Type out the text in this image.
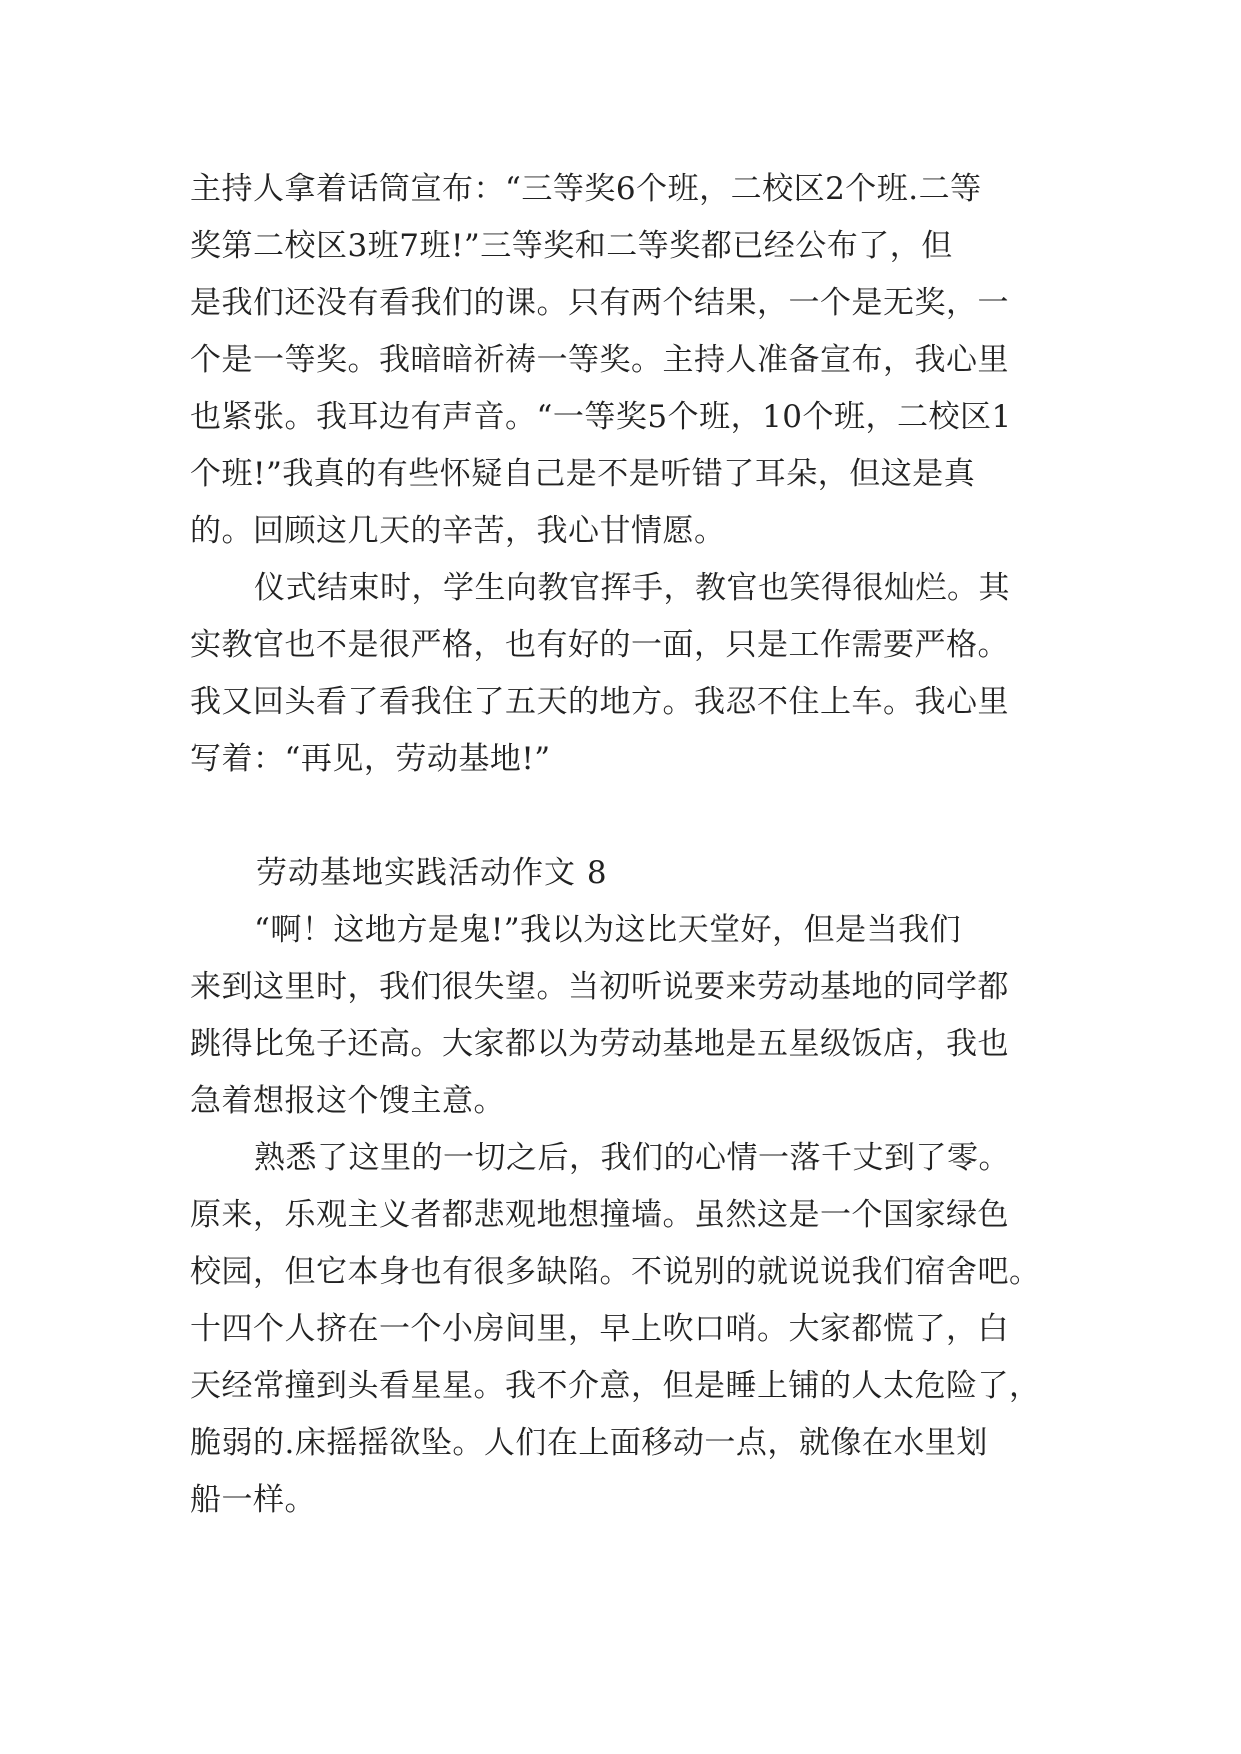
主持人拿着话筒宣布：“三等奖6个班，二校区2个班.二等
奖第二校区3班7班!”三等奖和二等奖都已经公布了，但
是我们还没有看我们的课。只有两个结果，一个是无奖，一
个是一等奖。我暗暗祈祷一等奖。主持人准备宣布，我心里
也紧张。我耳边有声音。“一等奖5个班，10个班，二校区1
个班!”我真的有些怀疑自己是不是听错了耳朵，但这是真
的。回顾这几天的辛苦，我心甘情愿。
仪式结束时，学生向教官挥手，教官也笑得很灿烂。其
实教官也不是很严格，也有好的一面，只是工作需要严格。
我又回头看了看我住了五天的地方。我忍不住上车。我心里
写着：“再见，劳动基地!”
劳动基地实践活动作文 8
“啊！这地方是鬼!”我以为这比天堂好，但是当我们
来到这里时，我们很失望。当初听说要来劳动基地的同学都
跳得比兔子还高。大家都以为劳动基地是五星级饭店，我也
急着想报这个馊主意。
熟悉了这里的一切之后，我们的心情一落千丈到了零。
原来，乐观主义者都悲观地想撞墙。虽然这是一个国家绿色
校园，但它本身也有很多缺陷。不说别的就说说我们宿舍吧。
十四个人挤在一个小房间里，早上吹口哨。大家都慌了，白
天经常撞到头看星星。我不介意，但是睡上铺的人太危险了，
脆弱的.床摇摇欲坠。人们在上面移动一点，就像在水里划
船一样。
